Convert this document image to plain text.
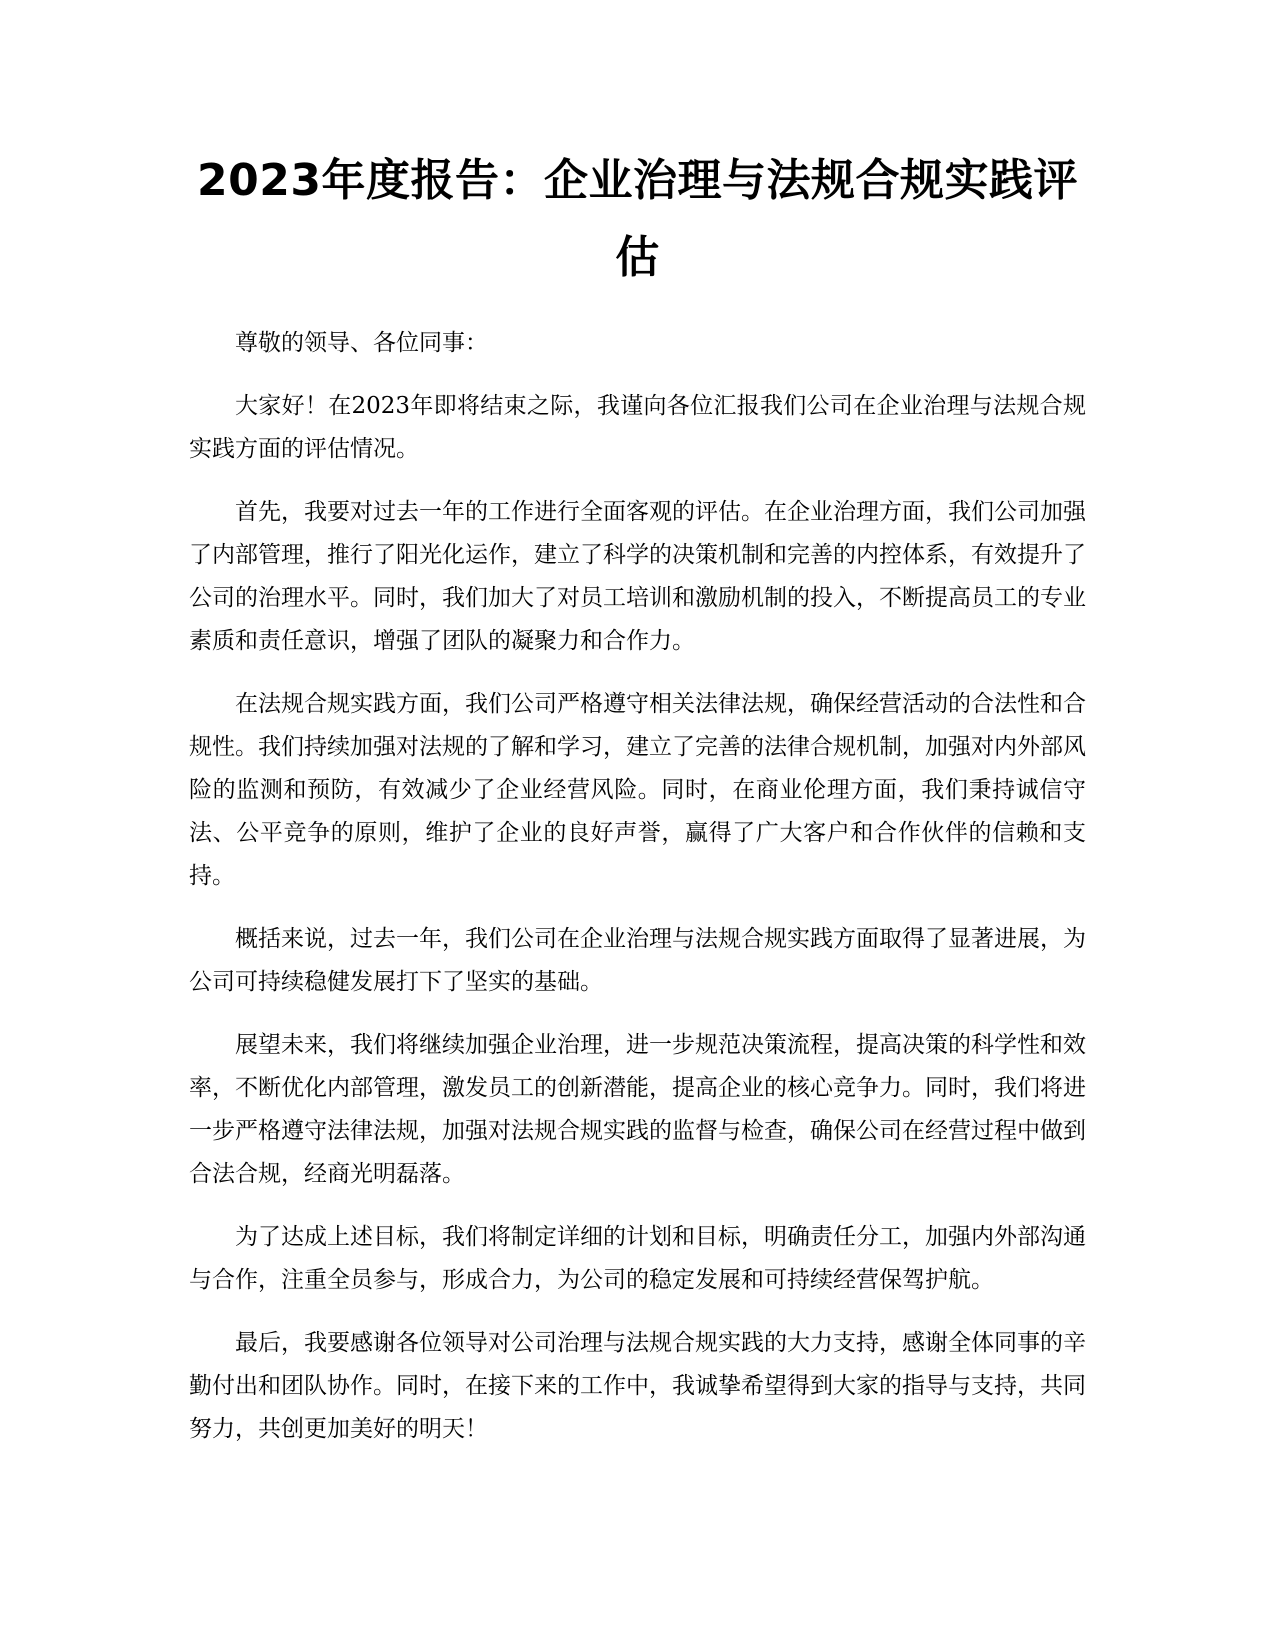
2023年度报告：企业治理与法规合规实践评估

尊敬的领导、各位同事：

大家好！在2023年即将结束之际，我谨向各位汇报我们公司在企业治理与法规合规实践方面的评估情况。

首先，我要对过去一年的工作进行全面客观的评估。在企业治理方面，我们公司加强了内部管理，推行了阳光化运作，建立了科学的决策机制和完善的内控体系，有效提升了公司的治理水平。同时，我们加大了对员工培训和激励机制的投入，不断提高员工的专业素质和责任意识，增强了团队的凝聚力和合作力。

在法规合规实践方面，我们公司严格遵守相关法律法规，确保经营活动的合法性和合规性。我们持续加强对法规的了解和学习，建立了完善的法律合规机制，加强对内外部风险的监测和预防，有效减少了企业经营风险。同时，在商业伦理方面，我们秉持诚信守法、公平竞争的原则，维护了企业的良好声誉，赢得了广大客户和合作伙伴的信赖和支持。

概括来说，过去一年，我们公司在企业治理与法规合规实践方面取得了显著进展，为公司可持续稳健发展打下了坚实的基础。

展望未来，我们将继续加强企业治理，进一步规范决策流程，提高决策的科学性和效率，不断优化内部管理，激发员工的创新潜能，提高企业的核心竞争力。同时，我们将进一步严格遵守法律法规，加强对法规合规实践的监督与检查，确保公司在经营过程中做到合法合规，经商光明磊落。

为了达成上述目标，我们将制定详细的计划和目标，明确责任分工，加强内外部沟通与合作，注重全员参与，形成合力，为公司的稳定发展和可持续经营保驾护航。

最后，我要感谢各位领导对公司治理与法规合规实践的大力支持，感谢全体同事的辛勤付出和团队协作。同时，在接下来的工作中，我诚挚希望得到大家的指导与支持，共同努力，共创更加美好的明天！
